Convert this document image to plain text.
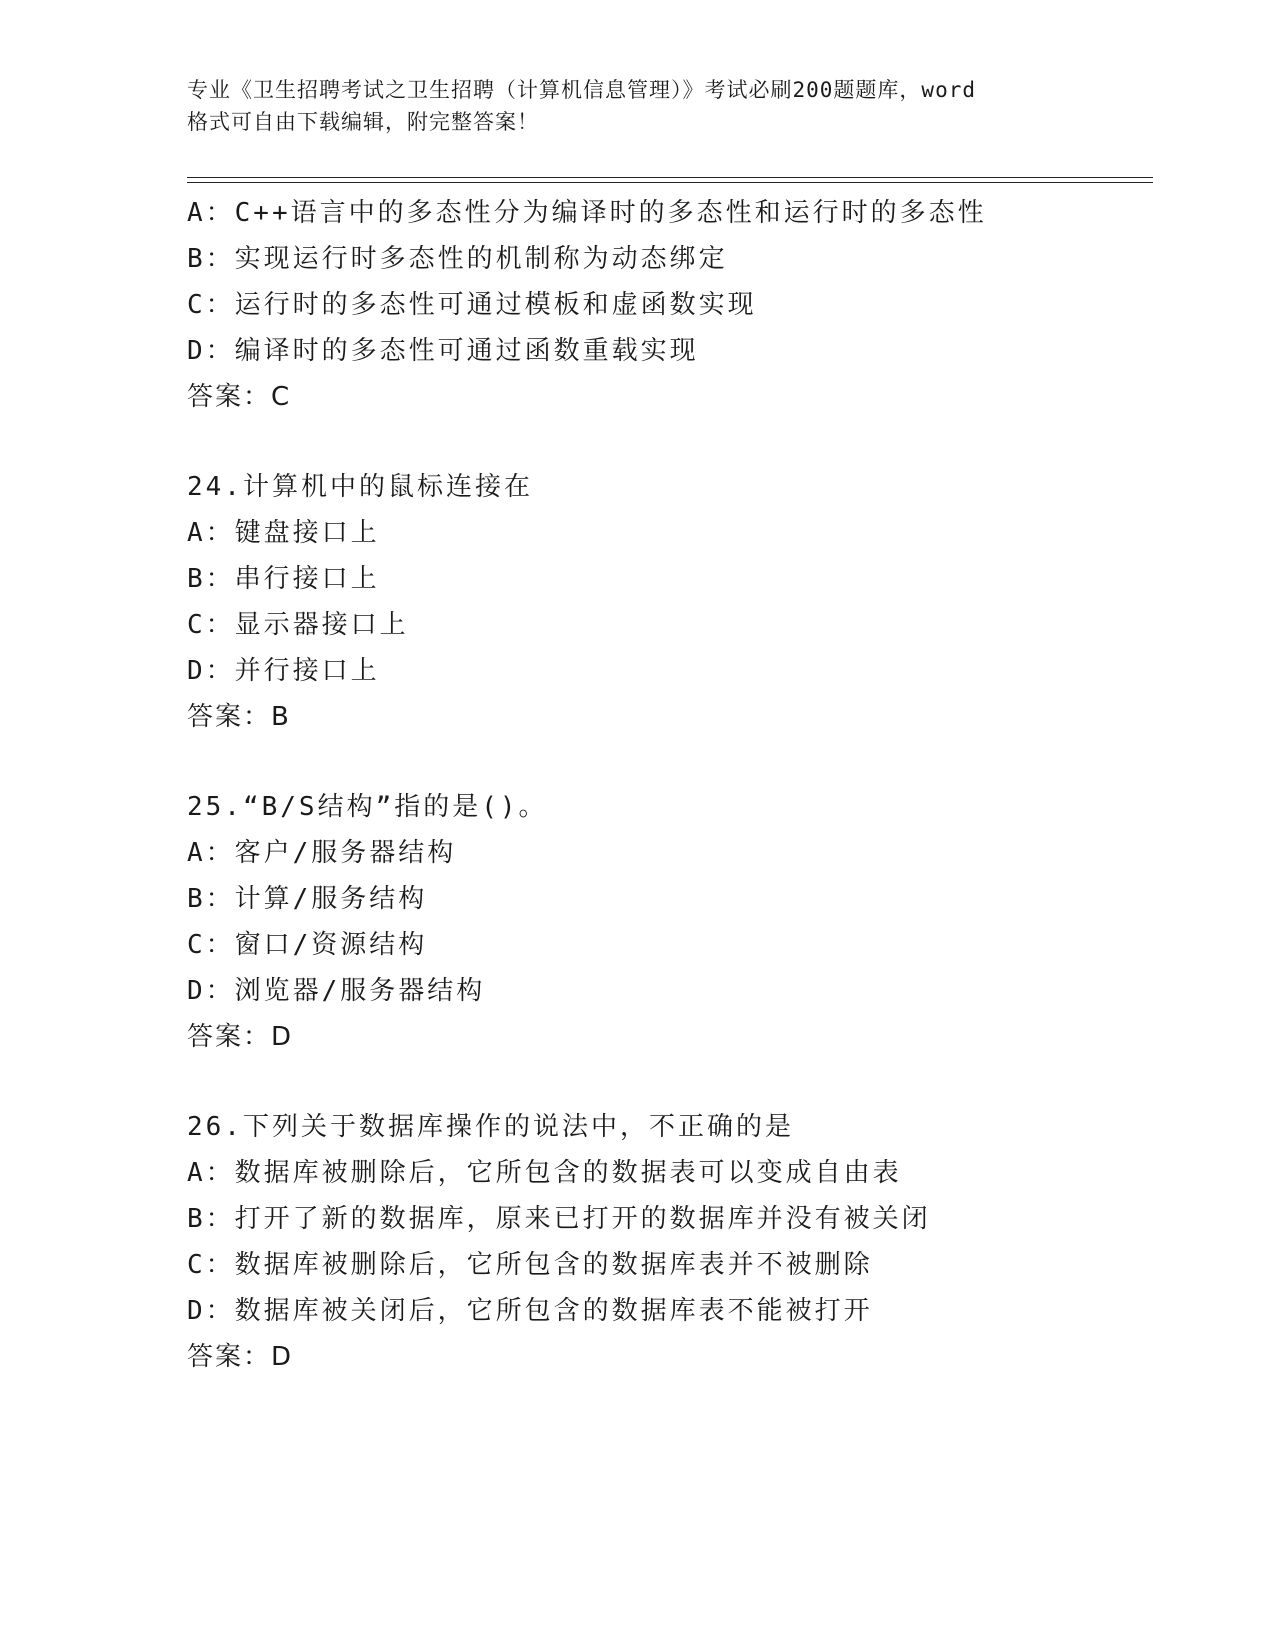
专业《卫生招聘考试之卫生招聘（计算机信息管理）》考试必刷200题题库，word
格式可自由下载编辑，附完整答案！
A：C++语言中的多态性分为编译时的多态性和运行时的多态性
B：实现运行时多态性的机制称为动态绑定
C：运行时的多态性可通过模板和虚函数实现
D：编译时的多态性可通过函数重载实现
答案：C
24.计算机中的鼠标连接在
A：键盘接口上
B：串行接口上
C：显示器接口上
D：并行接口上
答案：B
25.“B/S结构”指的是()。
A：客户/服务器结构
B：计算/服务结构
C：窗口/资源结构
D：浏览器/服务器结构
答案：D
26.下列关于数据库操作的说法中，不正确的是
A：数据库被删除后，它所包含的数据表可以变成自由表
B：打开了新的数据库，原来已打开的数据库并没有被关闭
C：数据库被删除后，它所包含的数据库表并不被删除
D：数据库被关闭后，它所包含的数据库表不能被打开
答案：D
